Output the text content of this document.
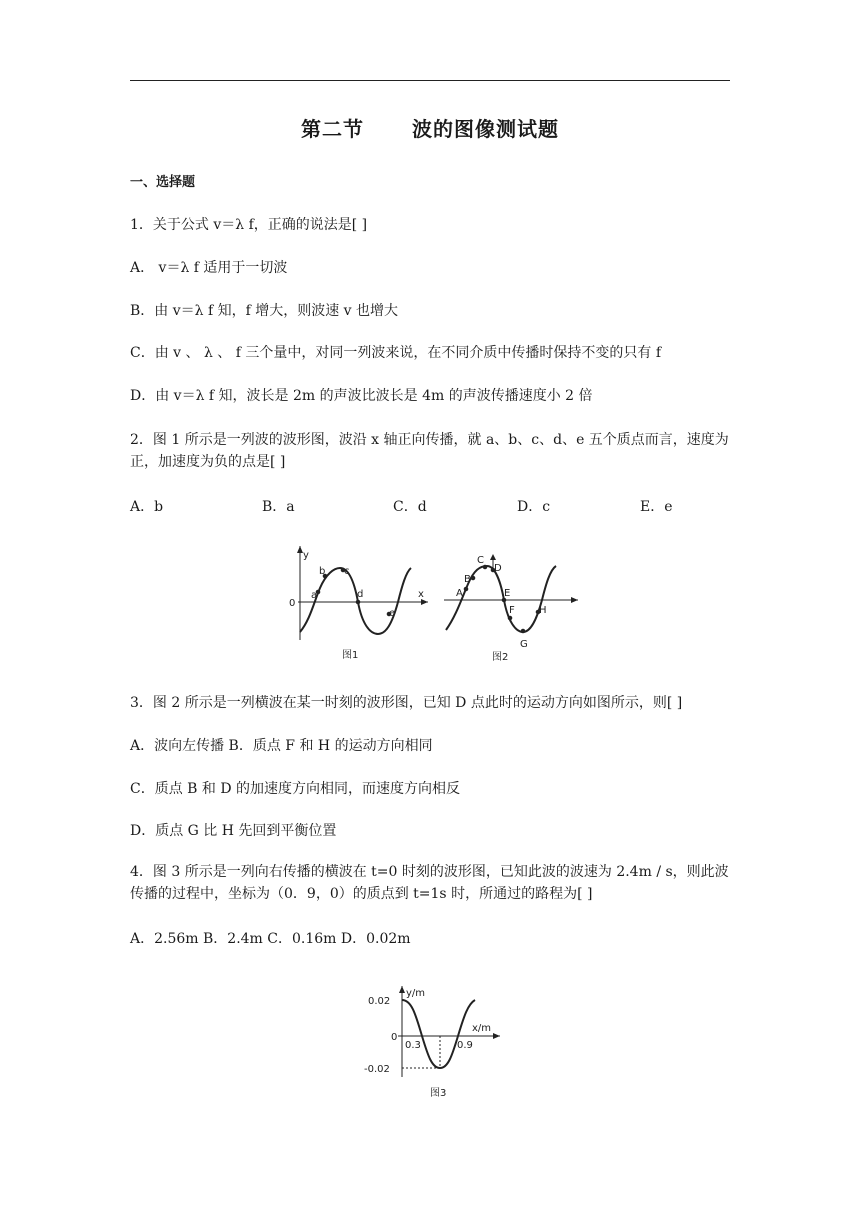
第二节 波的图像测试题
一、选择题
1．关于公式 v＝λ f，正确的说法是[ ]
A． v＝λ f 适用于一切波
B．由 v＝λ f 知，f 增大，则波速 v 也增大
C．由 v 、 λ 、 f 三个量中，对同一列波来说，在不同介质中传播时保持不变的只有 f
D．由 v＝λ f 知，波长是 2m 的声波比波长是 4m 的声波传播速度小 2 倍
2．图 1 所示是一列波的波形图，波沿 x 轴正向传播，就 a、b、c、d、e 五个质点而言，速度为正，加速度为负的点是[ ]
A．b	B．a	C．d	D．c	E．e
y
x
0
a
b c
d
e
图1
A
B
C
D
E
F
G
H
图2
3．图 2 所示是一列横波在某一时刻的波形图，已知 D 点此时的运动方向如图所示，则[ ]
A．波向左传播 B．质点 F 和 H 的运动方向相同
C．质点 B 和 D 的加速度方向相同，而速度方向相反
D．质点 G 比 H 先回到平衡位置
4．图 3 所示是一列向右传播的横波在 t=0 时刻的波形图，已知此波的波速为 2.4m / s，则此波传播的过程中，坐标为（0．9，0）的质点到 t=1s 时，所通过的路程为[ ]
A．2.56m B．2.4m C．0.16m D．0.02m
0.02
0
-0.02
y/m
x/m
0.3	0.9
图3
